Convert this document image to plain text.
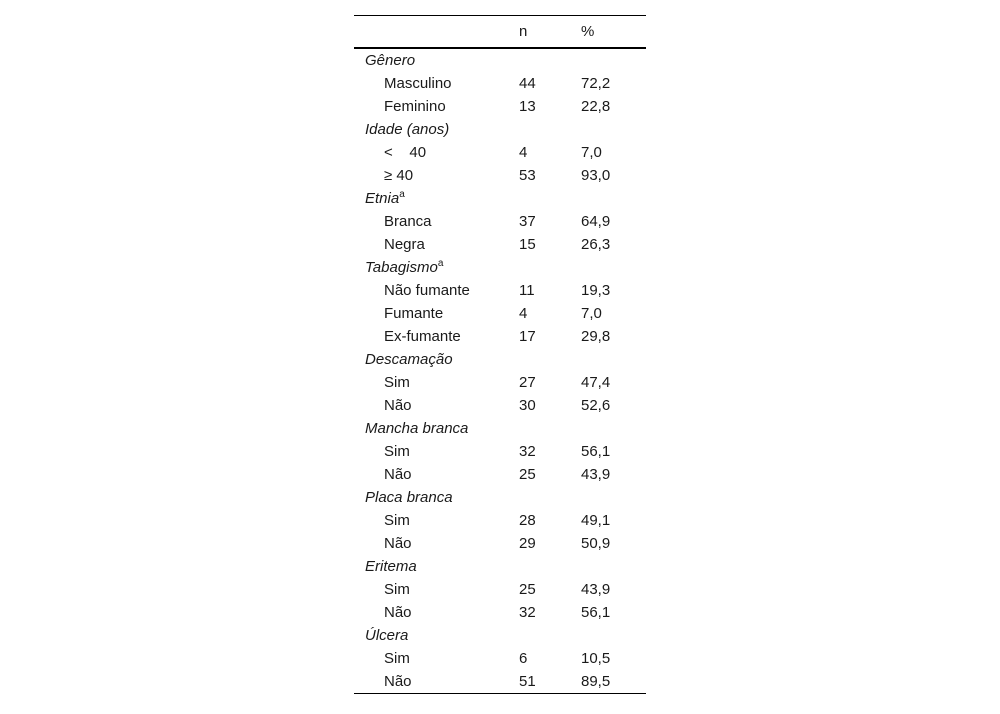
	n	%
Gênero		
Masculino	44	72,2
Feminino	13	22,8
Idade (anos)		
<    40	4	7,0
≥ 40	53	93,0
Etnia$^a$
Branca	37	64,9
Negra	15	26,3
Tabagismo$^a$
Não fumante	11	19,3
Fumante	4	7,0
Ex-fumante	17	29,8
Descamação		
Sim	27	47,4
Não	30	52,6
Mancha branca		
Sim	32	56,1
Não	25	43,9
Placa branca		
Sim	28	49,1
Não	29	50,9
Eritema		
Sim	25	43,9
Não	32	56,1
Úlcera		
Sim	6	10,5
Não	51	89,5
